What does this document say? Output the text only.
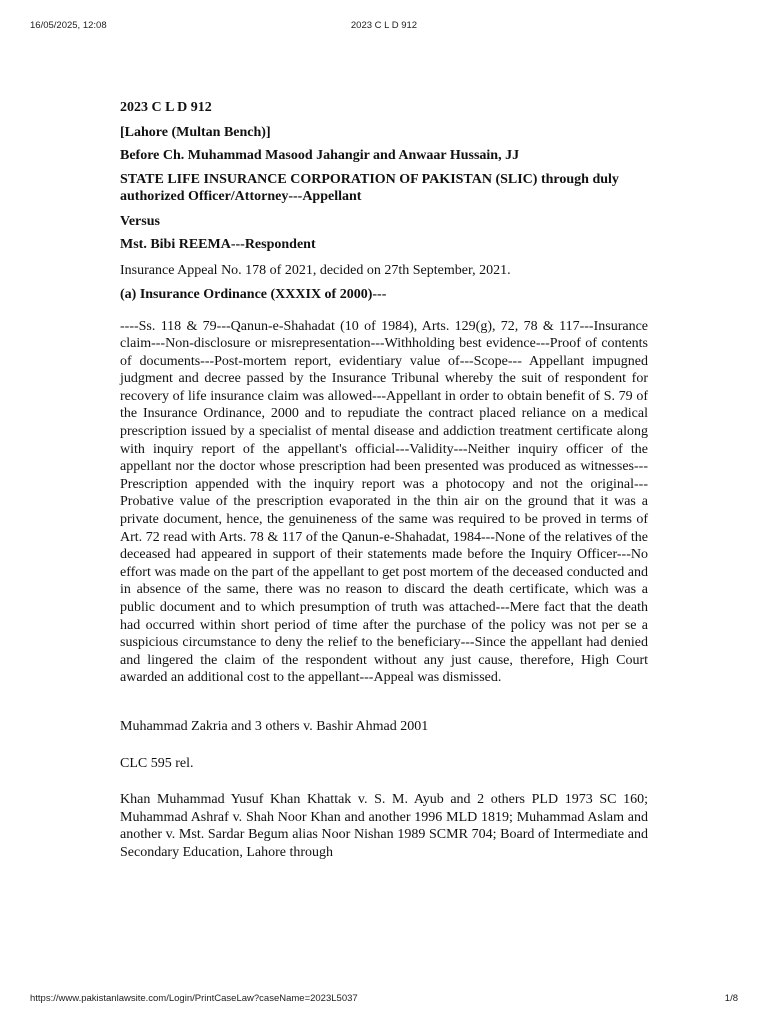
16/05/2025, 12:08	2023 C L D 912

2023 C L D 912

[Lahore (Multan Bench)]

Before Ch. Muhammad Masood Jahangir and Anwaar Hussain, JJ

STATE LIFE INSURANCE CORPORATION OF PAKISTAN (SLIC) through duly authorized Officer/Attorney---Appellant

Versus

Mst. Bibi REEMA---Respondent

Insurance Appeal No. 178 of 2021, decided on 27th September, 2021.

(a) Insurance Ordinance (XXXIX of 2000)---

----Ss. 118 & 79---Qanun-e-Shahadat (10 of 1984), Arts. 129(g), 72, 78 & 117---Insurance claim---Non-disclosure or misrepresentation---Withholding best evidence---Proof of contents of documents---Post-mortem report, evidentiary value of---Scope--- Appellant impugned judgment and decree passed by the Insurance Tribunal whereby the suit of respondent for recovery of life insurance claim was allowed---Appellant in order to obtain benefit of S. 79 of the Insurance Ordinance, 2000 and to repudiate the contract placed reliance on a medical prescription issued by a specialist of mental disease and addiction treatment certificate along with inquiry report of the appellant's official---Validity---Neither inquiry officer of the appellant nor the doctor whose prescription had been presented was produced as witnesses---Prescription appended with the inquiry report was a photocopy and not the original---Probative value of the prescription evaporated in the thin air on the ground that it was a private document, hence, the genuineness of the same was required to be proved in terms of Art. 72 read with Arts. 78 & 117 of the Qanun-e-Shahadat, 1984---None of the relatives of the deceased had appeared in support of their statements made before the Inquiry Officer---No effort was made on the part of the appellant to get post mortem of the deceased conducted and in absence of the same, there was no reason to discard the death certificate, which was a public document and to which presumption of truth was attached---Mere fact that the death had occurred within short period of time after the purchase of the policy was not per se a suspicious circumstance to deny the relief to the beneficiary---Since the appellant had denied and lingered the claim of the respondent without any just cause, therefore, High Court awarded an additional cost to the appellant---Appeal was dismissed.

Muhammad Zakria and 3 others v. Bashir Ahmad 2001

CLC 595 rel.

Khan Muhammad Yusuf Khan Khattak v. S. M. Ayub and 2 others PLD 1973 SC 160; Muhammad Ashraf v. Shah Noor Khan and another 1996 MLD 1819; Muhammad Aslam and another v. Mst. Sardar Begum alias Noor Nishan 1989 SCMR 704; Board of Intermediate and Secondary Education, Lahore through

https://www.pakistanlawsite.com/Login/PrintCaseLaw?caseName=2023L5037	1/8
